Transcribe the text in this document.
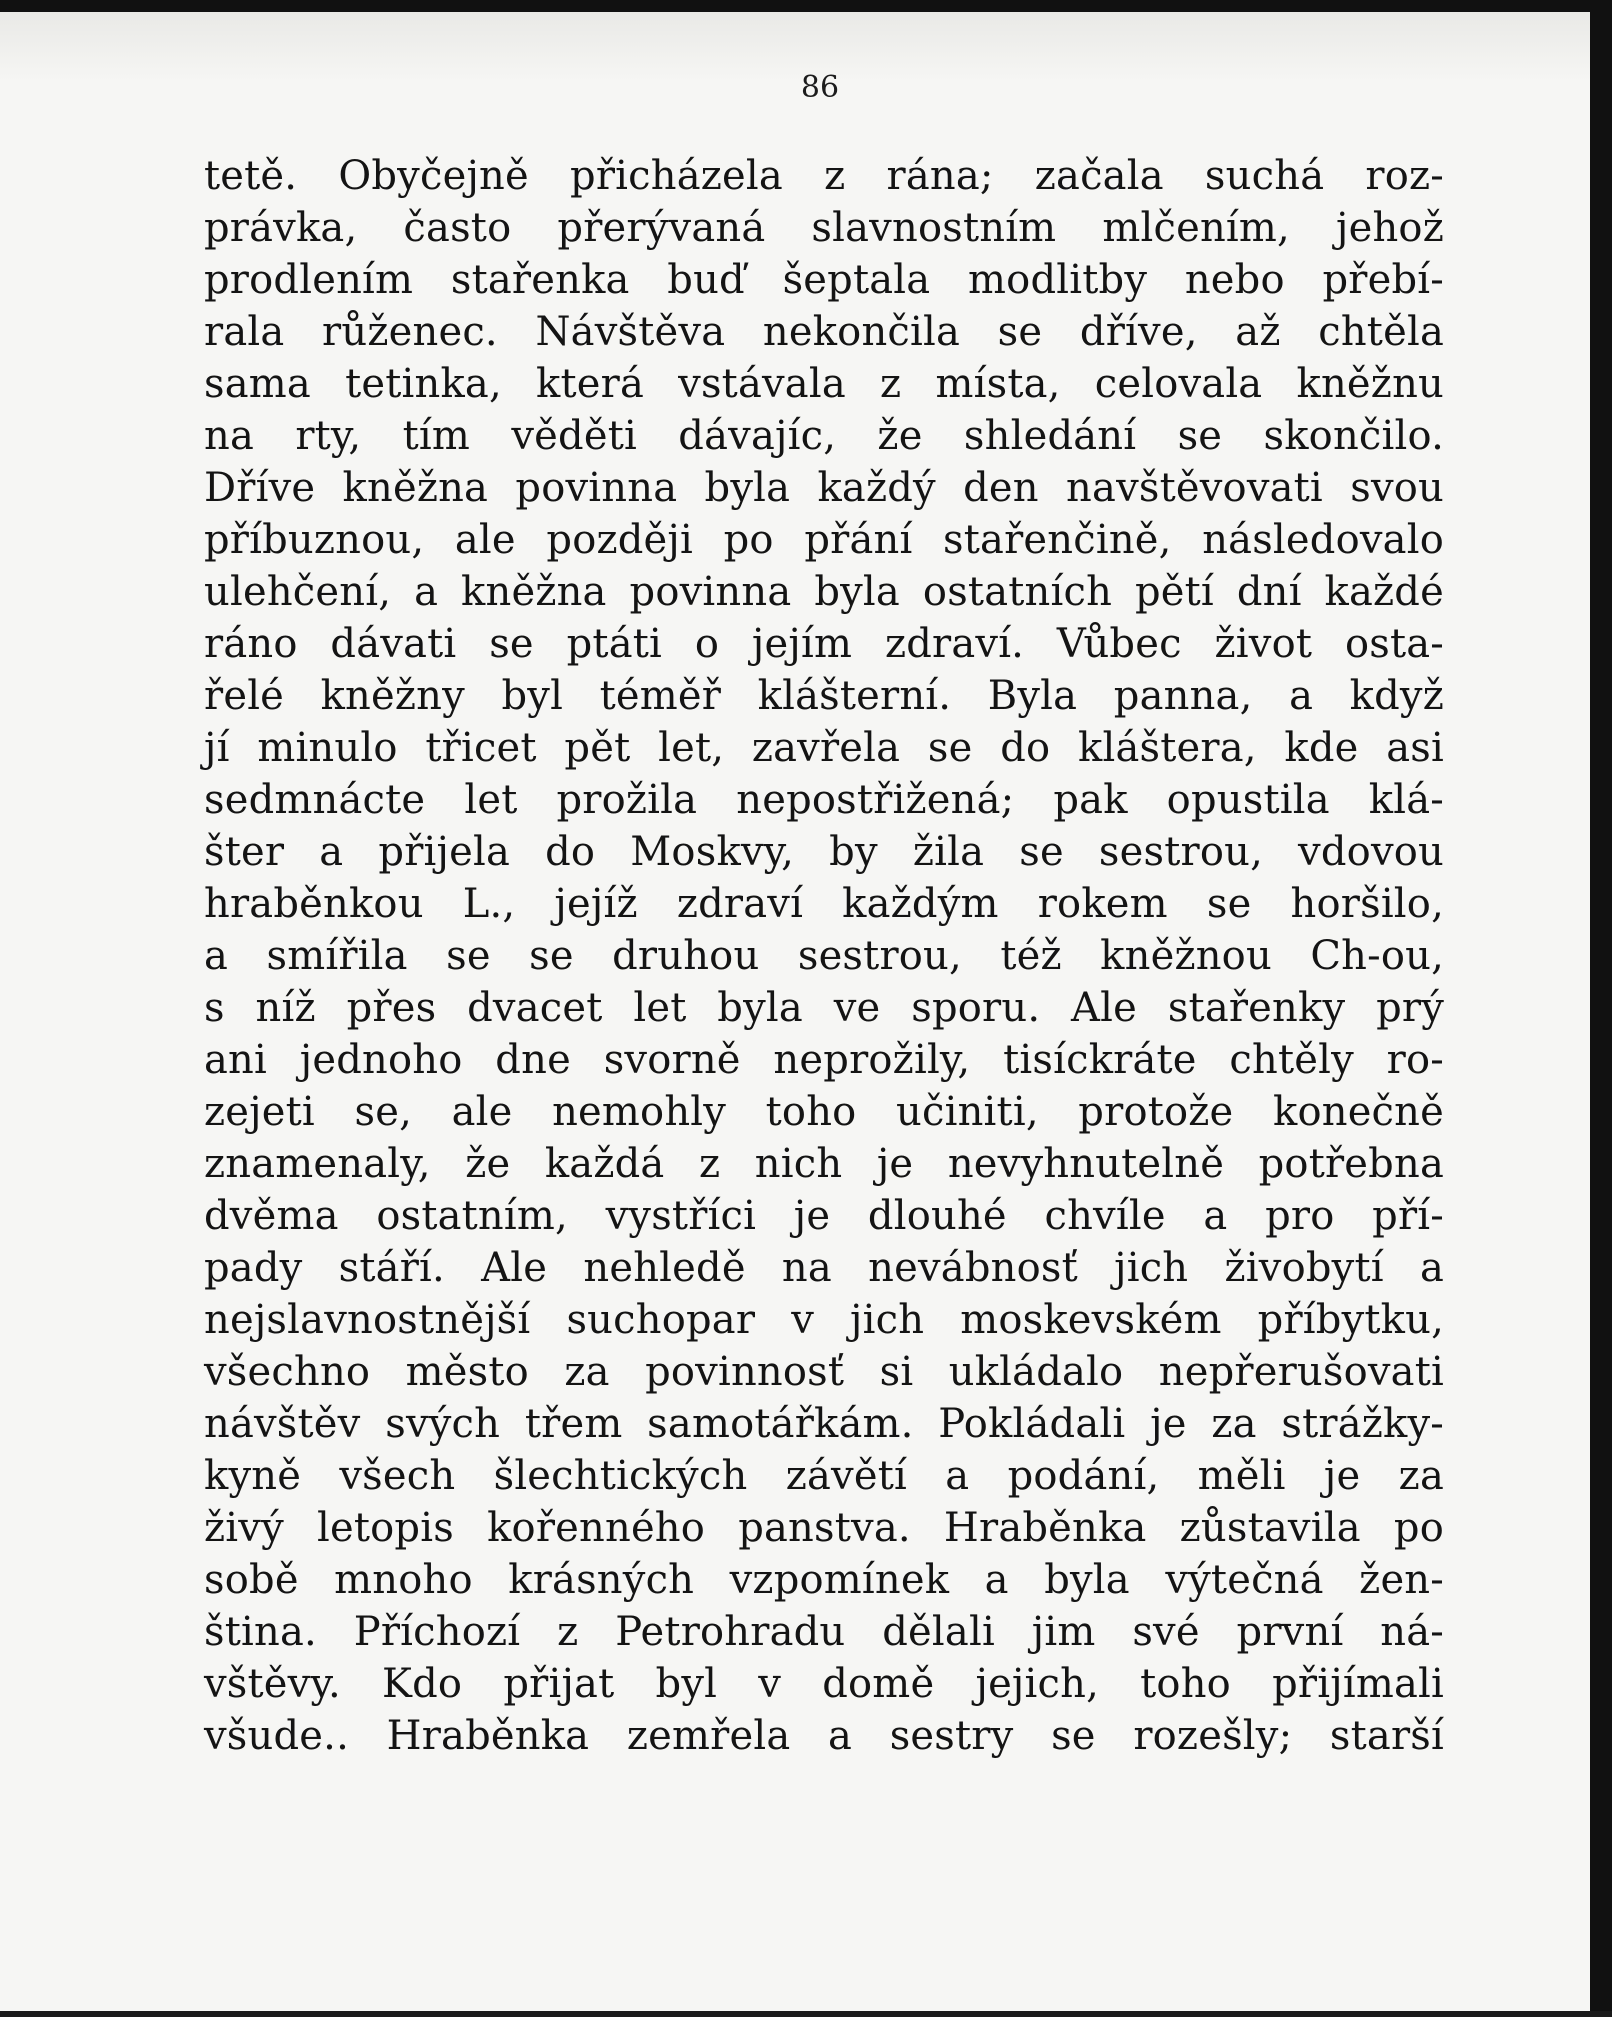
86
tetě. Obyčejně přicházela z rána; začala suchá roz-
právka, často přerývaná slavnostním mlčením, jehož
prodlením stařenka buď šeptala modlitby nebo přebí-
rala růženec. Návštěva nekončila se dříve, až chtěla
sama tetinka, která vstávala z místa, celovala kněžnu
na rty, tím věděti dávajíc, že shledání se skončilo.
Dříve kněžna povinna byla každý den navštěvovati svou
příbuznou, ale později po přání stařenčině, následovalo
ulehčení, a kněžna povinna byla ostatních pětí dní každé
ráno dávati se ptáti o jejím zdraví. Vůbec život ostа-
řelé kněžny byl téměř klášterní. Byla panna, a když
jí minulo třicet pět let, zavřela se do kláštera, kde asi
sedmnácte let prožila nepostřižená; pak opustila klá-
šter a přijela do Moskvy, by žila se sestrou, vdovou
hraběnkou L., jejíž zdraví každým rokem se horšilo,
a smířila se se druhou sestrou, též kněžnou Ch-ou,
s níž přes dvacet let byla ve sporu. Ale stařenky prý
ani jednoho dne svorně neprožily, tisíckráte chtěly ro-
zejeti se, ale nemohly toho učiniti, protože konečně
znamenaly, že každá z nich je nevyhnutelně potřebna
dvěma ostatním, vystříci je dlouhé chvíle a pro pří-
pady stáří. Ale nehledě na nevábnosť jich živobytí a
nejslavnostnější suchopar v jich moskevském příbytku,
všechno město za povinnosť si ukládalo nepřerušovati
návštěv svých třem samotářkám. Pokládali je za strážky-
kyně všech šlechtických závětí a podání, měli je za
živý letopis kořenného panstva. Hraběnka zůstavila po
sobě mnoho krásných vzpomínek a byla výtečná žen-
ština. Příchozí z Petrohradu dělali jim své první ná-
vštěvy. Kdo přijat byl v domě jejich, toho přijímali
všude.. Hraběnka zemřela a sestry se rozešly; starší
